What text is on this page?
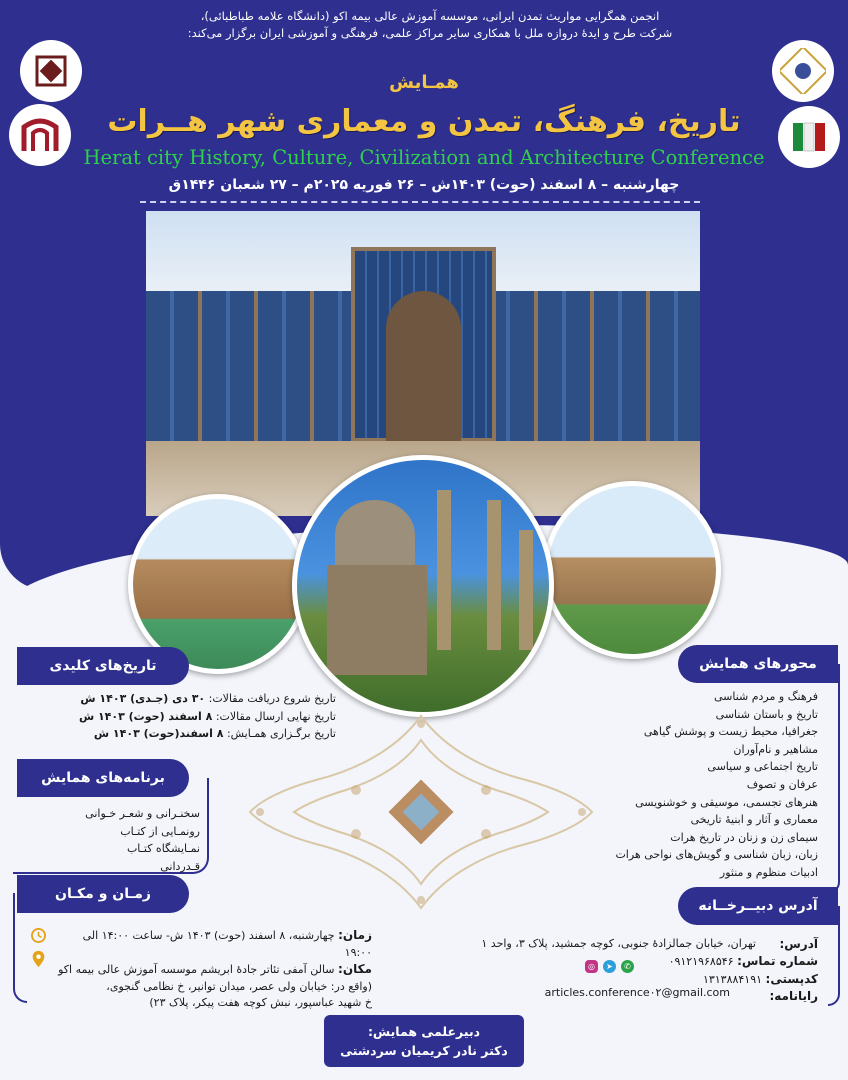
انجمن همگرایی مواریث تمدن ایرانی، موسسه آموزش عالی بیمه اکو (دانشگاه علامه طباطبائی)،
شرکت طرح و ایدهٔ دروازه ملل با همکاری سایر مراکز علمی، فرهنگی و آموزشی ایران برگزار می‌کند:
همـایش
تاریخ، فرهنگ، تمدن و معماری شهر هــرات
Herat city History, Culture, Civilization and Architecture Conference
چهارشنبه – ۸ اسفند (حوت) ۱۴۰۳ش – ۲۶ فوریه ۲۰۲۵م – ۲۷ شعبان ۱۴۴۶ق
تاریخ‌های کلیدی
تاریخ شروع دریافت مقالات: ۳۰ دی (جـدی) ۱۴۰۳ ش
تاریخ نهایی ارسال مقالات: ۸ اسفند (حوت) ۱۴۰۳ ش
تاریخ برگـزاری همـایش: ۸ اسفند(حوت) ۱۴۰۳ ش
برنامه‌های همایش
سخنـرانی و شعـر خـوانی
رونمـایی از کتـاب
نمـایشگاه کتـاب
قـدردانی
زمـان و مکـان
زمان: چهارشنبه، ۸ اسفند (حوت) ۱۴۰۳ ش- ساعت ۱۴:۰۰ الی ۱۹:۰۰
مکان: سالن آمفی تئاتر جادهٔ ابریشم موسسه آموزش عالی بیمه اکو
(واقع در: خیابان ولی عصر، میدان توانیر، خ نظامی گنجوی،
خ شهید عباسپور، نبش کوچه هفت پیکر، پلاک ۲۳)
محورهای همایش
فرهنگ و مردم شناسی
تاریخ و باستان شناسی
جغرافیا، محیط زیست و پوشش گیاهی
مشاهیر و نام‌آوران
تاریخ اجتماعی و سیاسی
عرفان و تصوف
هنرهای تجسمی، موسیقی و خوشنویسی
معماری و آثار و ابنیهٔ تاریخی
سیمای زن و زنان در تاریخ هرات
زبان، زبان شناسی و گویش‌های نواحی هرات
ادبیات منظوم و منثور
آدرس دبیــرخــانه
آدرس:
تهران، خیابان جمالزادهٔ جنوبی، کوچه جمشید، پلاک ۳، واحد ۱
شماره تماس: ۰۹۱۲۱۹۶۸۵۴۶
کدپستی: ۱۳۱۳۸۸۴۱۹۱
رایانامه:
articles.conference۰۲@gmail.com
✆
➤
◎
دبیرعلمی همایش:
دکتر نادر کریمیان سردشتی
